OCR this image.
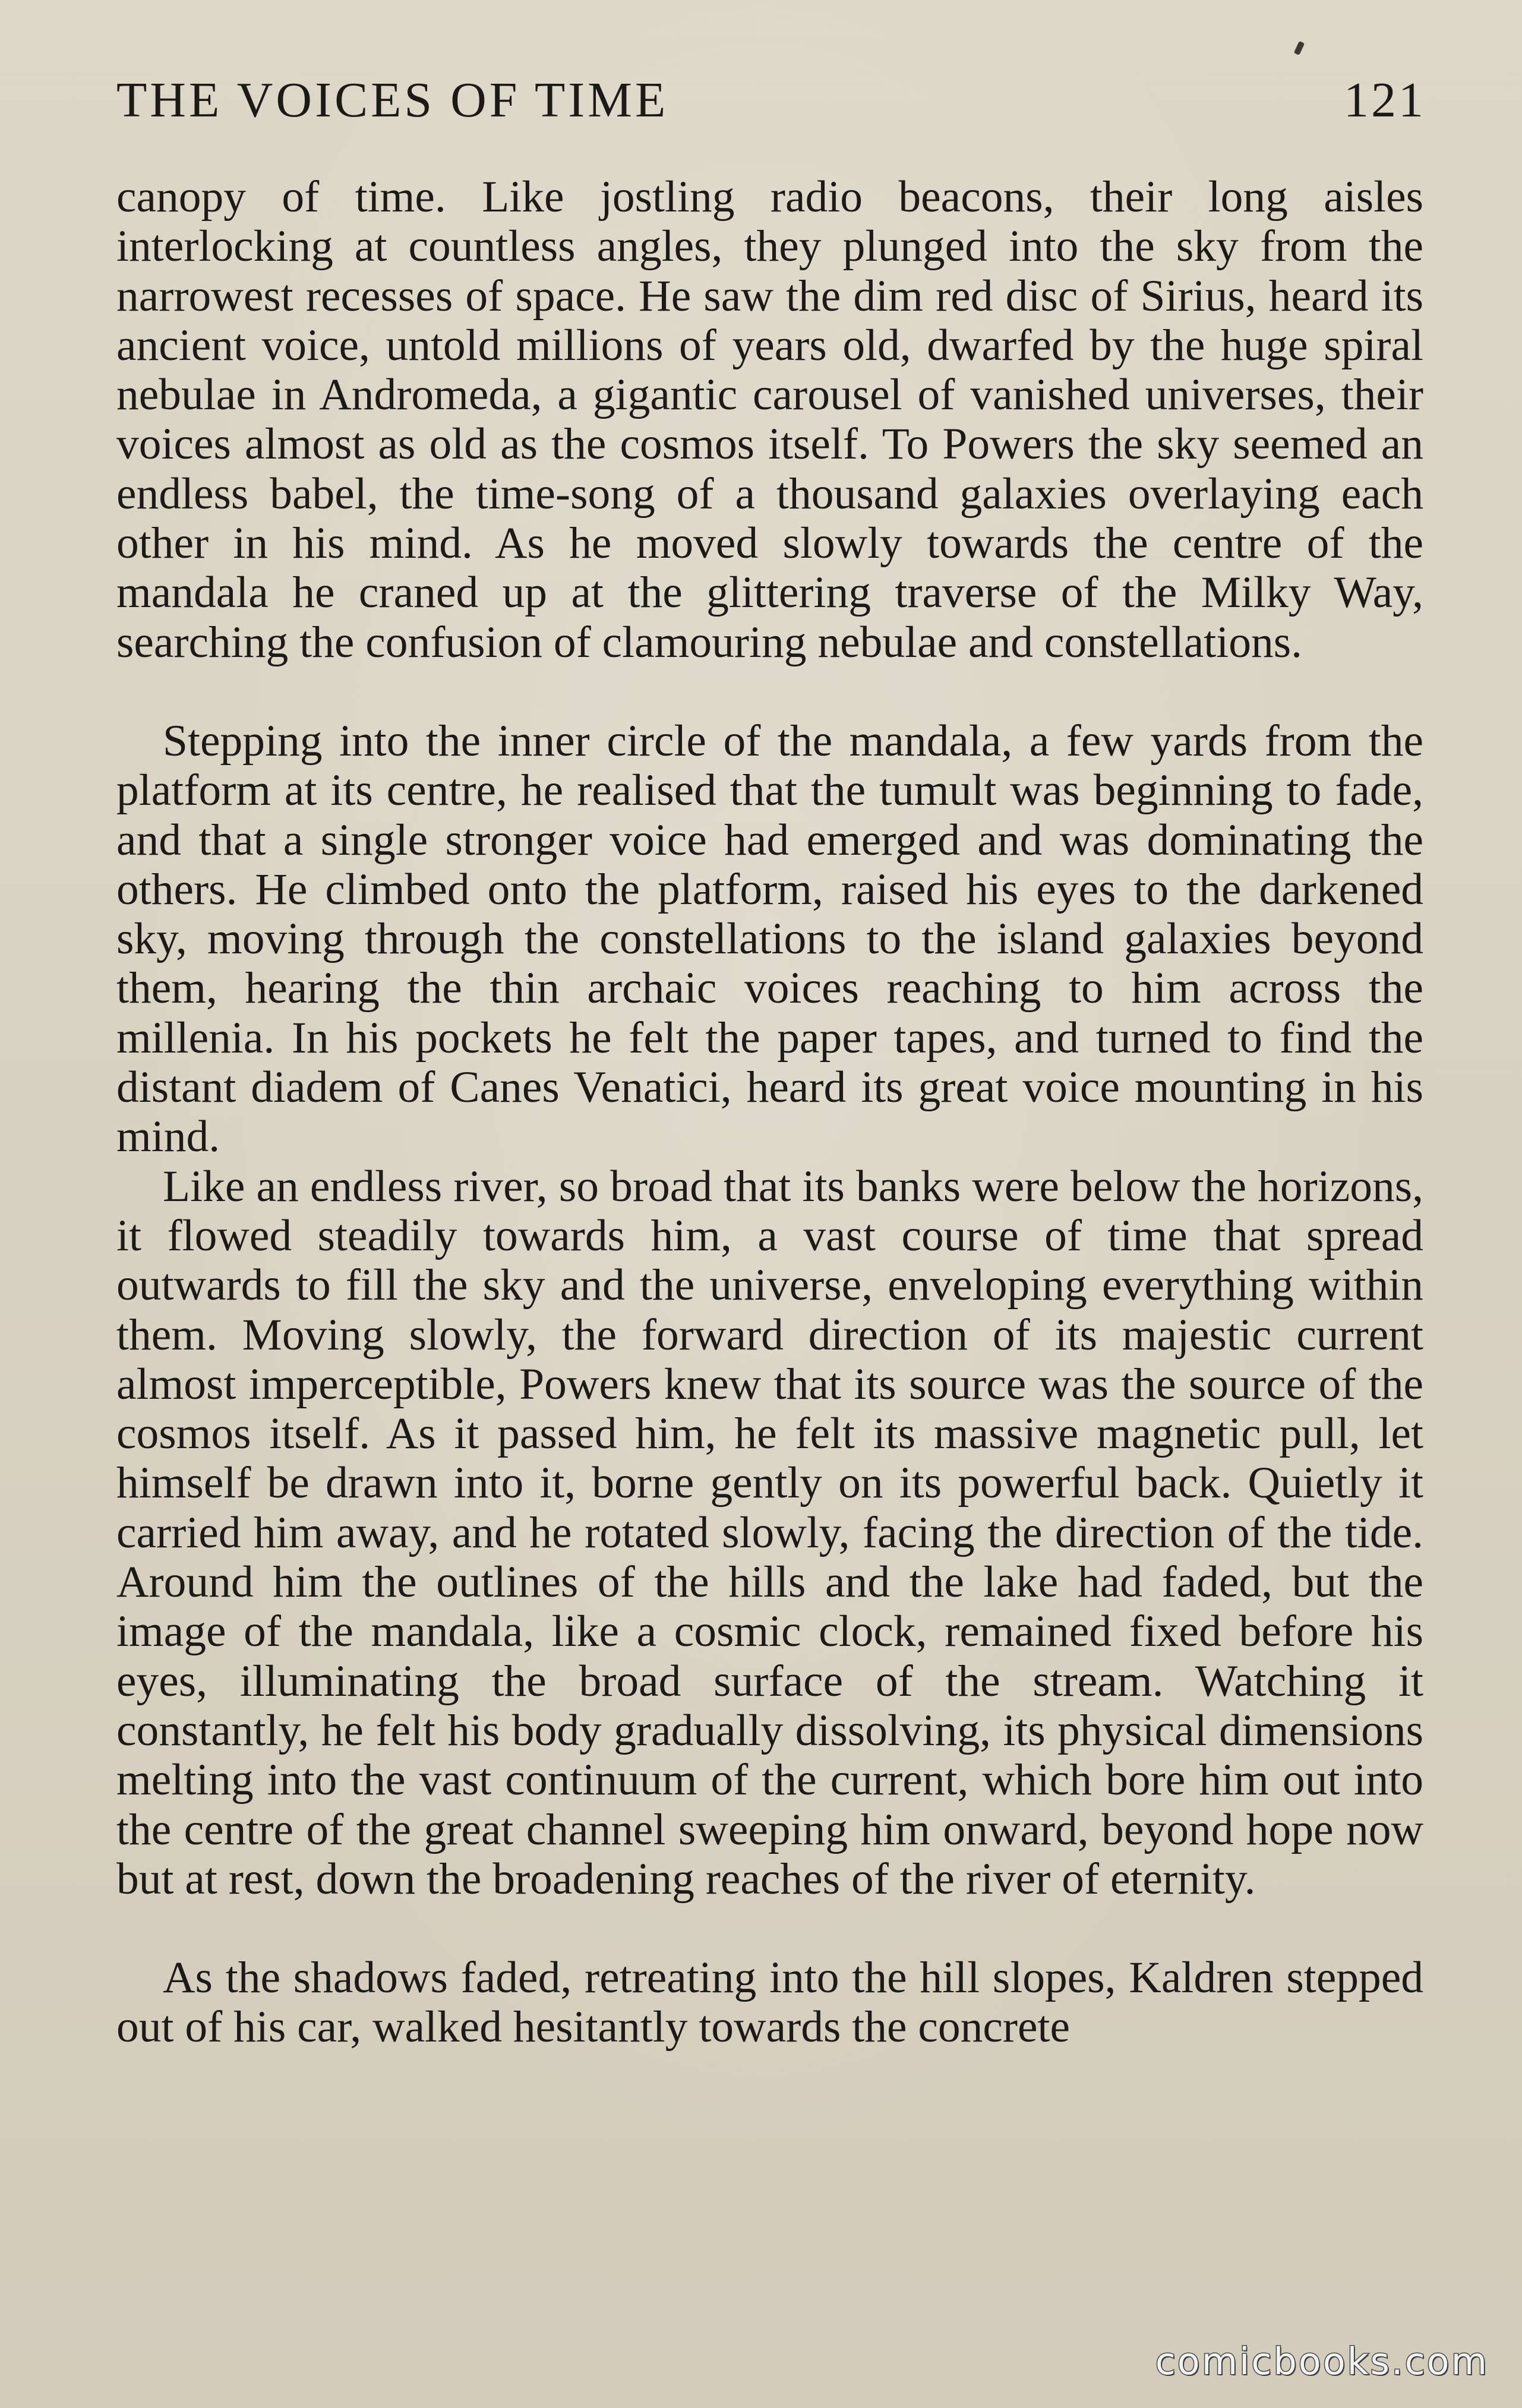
THE VOICES OF TIME	121

canopy of time. Like jostling radio beacons, their long aisles interlocking at countless angles, they plunged into the sky from the narrowest recesses of space. He saw the dim red disc of Sirius, heard its ancient voice, untold millions of years old, dwarfed by the huge spiral nebulae in Andromeda, a gigantic carousel of vanished universes, their voices almost as old as the cosmos itself. To Powers the sky seemed an endless babel, the time-song of a thousand galaxies overlaying each other in his mind. As he moved slowly towards the centre of the mandala he craned up at the glittering traverse of the Milky Way, searching the confusion of clamouring nebulae and constellations.

Stepping into the inner circle of the mandala, a few yards from the platform at its centre, he realised that the tumult was beginning to fade, and that a single stronger voice had emerged and was dominating the others. He climbed onto the platform, raised his eyes to the darkened sky, moving through the constellations to the island galaxies beyond them, hearing the thin archaic voices reaching to him across the millenia. In his pockets he felt the paper tapes, and turned to find the distant diadem of Canes Venatici, heard its great voice mounting in his mind.

Like an endless river, so broad that its banks were below the horizons, it flowed steadily towards him, a vast course of time that spread outwards to fill the sky and the universe, enveloping everything within them. Moving slowly, the forward direction of its majestic current almost imperceptible, Powers knew that its source was the source of the cosmos itself. As it passed him, he felt its massive magnetic pull, let himself be drawn into it, borne gently on its powerful back. Quietly it carried him away, and he rotated slowly, facing the direction of the tide. Around him the outlines of the hills and the lake had faded, but the image of the mandala, like a cosmic clock, remained fixed before his eyes, illuminating the broad surface of the stream. Watching it constantly, he felt his body gradually dissolving, its physical dimensions melting into the vast continuum of the current, which bore him out into the centre of the great channel sweeping him onward, beyond hope now but at rest, down the broadening reaches of the river of eternity.

As the shadows faded, retreating into the hill slopes, Kaldren stepped out of his car, walked hesitantly towards the concrete

comicbooks.com
